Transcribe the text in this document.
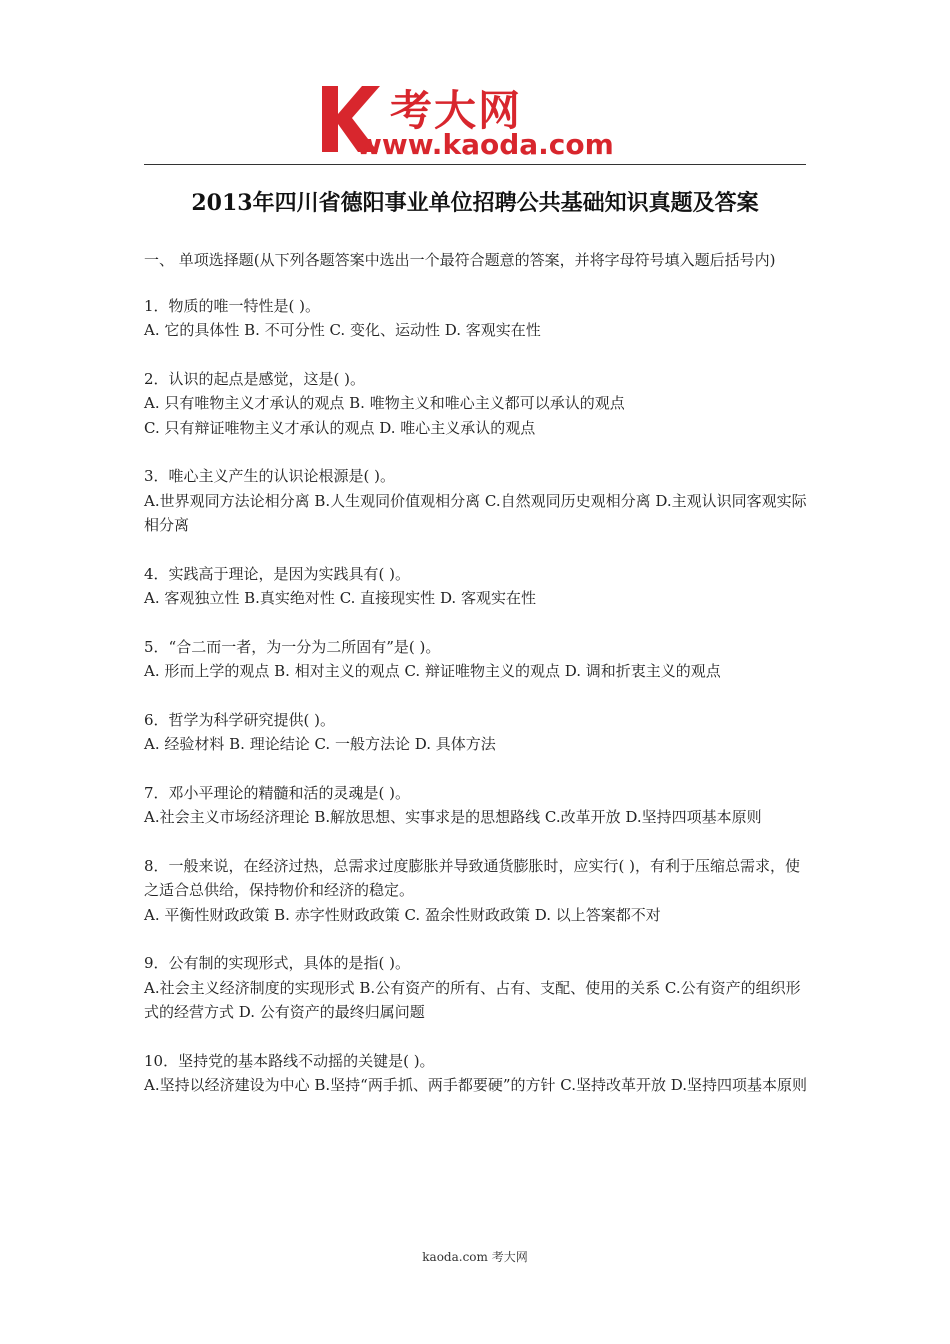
考大网
www.kaoda.com
2013年四川省德阳事业单位招聘公共基础知识真题及答案

一、 单项选择题(从下列各题答案中选出一个最符合题意的答案，并将字母符号填入题后括号内)

1．物质的唯一特性是( )。

A. 它的具体性 B. 不可分性 C. 变化、运动性 D. 客观实在性

2．认识的起点是感觉，这是( )。

A. 只有唯物主义才承认的观点 B. 唯物主义和唯心主义都可以承认的观点

C. 只有辩证唯物主义才承认的观点 D. 唯心主义承认的观点

3．唯心主义产生的认识论根源是( )。

A.世界观同方法论相分离 B.人生观同价值观相分离 C.自然观同历史观相分离 D.主观认识同客观实际相分离

4．实践高于理论，是因为实践具有( )。

A. 客观独立性 B.真实绝对性 C. 直接现实性 D. 客观实在性

5．“合二而一者，为一分为二所固有”是( )。

A. 形而上学的观点 B. 相对主义的观点 C. 辩证唯物主义的观点 D. 调和折衷主义的观点

6．哲学为科学研究提供( )。

A. 经验材料 B. 理论结论 C. 一般方法论 D. 具体方法

7．邓小平理论的精髓和活的灵魂是( )。

A.社会主义市场经济理论 B.解放思想、实事求是的思想路线 C.改革开放 D.坚持四项基本原则

8．一般来说，在经济过热，总需求过度膨胀并导致通货膨胀时，应实行( )，有利于压缩总需求，使之适合总供给，保持物价和经济的稳定。

A. 平衡性财政政策 B. 赤字性财政政策 C. 盈余性财政政策 D. 以上答案都不对

9．公有制的实现形式，具体的是指( )。

A.社会主义经济制度的实现形式 B.公有资产的所有、占有、支配、使用的关系 C.公有资产的组织形式的经营方式 D. 公有资产的最终归属问题

10．坚持党的基本路线不动摇的关键是( )。

A.坚持以经济建设为中心 B.坚持“两手抓、两手都要硬”的方针 C.坚持改革开放 D.坚持四项基本原则

kaoda.com 考大网
